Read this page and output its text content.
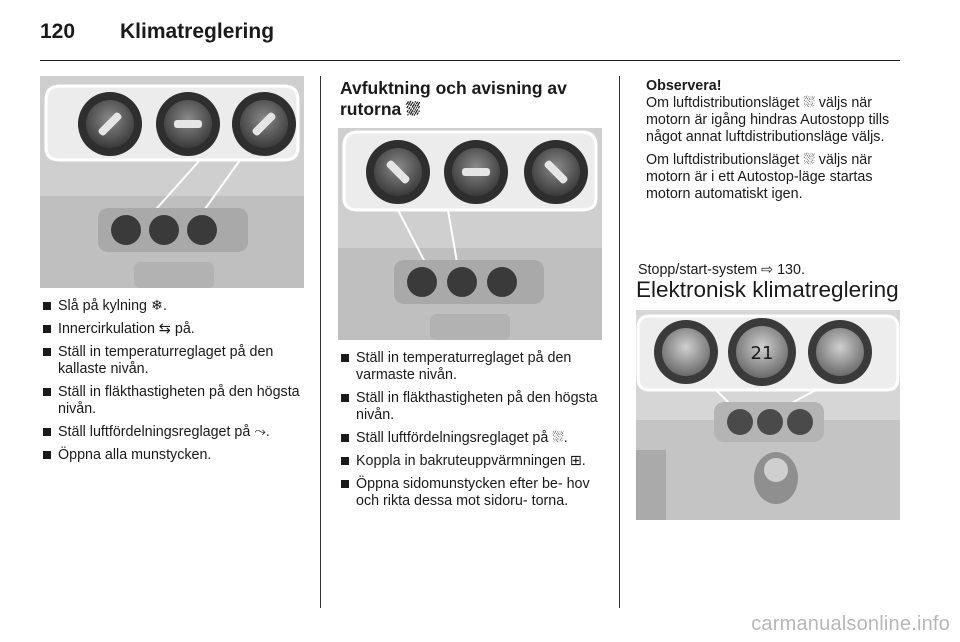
120 Klimatreglering
Slå på kylning ❄.
Innercirkulation ⇆ på.
Ställ in temperaturreglaget på den kallaste nivån.
Ställ in fläkthastigheten på den högsta nivån.
Ställ luftfördelningsreglaget på ⤳.
Öppna alla munstycken.
Avfuktning och avisning av rutorna ⛆
Ställ in temperaturreglaget på den varmaste nivån.
Ställ in fläkthastigheten på den högsta nivån.
Ställ luftfördelningsreglaget på ⛆.
Koppla in bakruteuppvärmningen ⊞.
Öppna sidomunstycken efter be- hov och rikta dessa mot sidoru- torna.
Observera!

Om luftdistributionsläget ⛆ väljs när motorn är igång hindras Autostopp tills något annat luftdistributionsläge väljs.

Om luftdistributionsläget ⛆ väljs när motorn är i ett Autostop-läge startas motorn automatiskt igen.

Stopp/start-system ⇨ 130.
Elektronisk klimatreglering
21
carmanualsonline.info
